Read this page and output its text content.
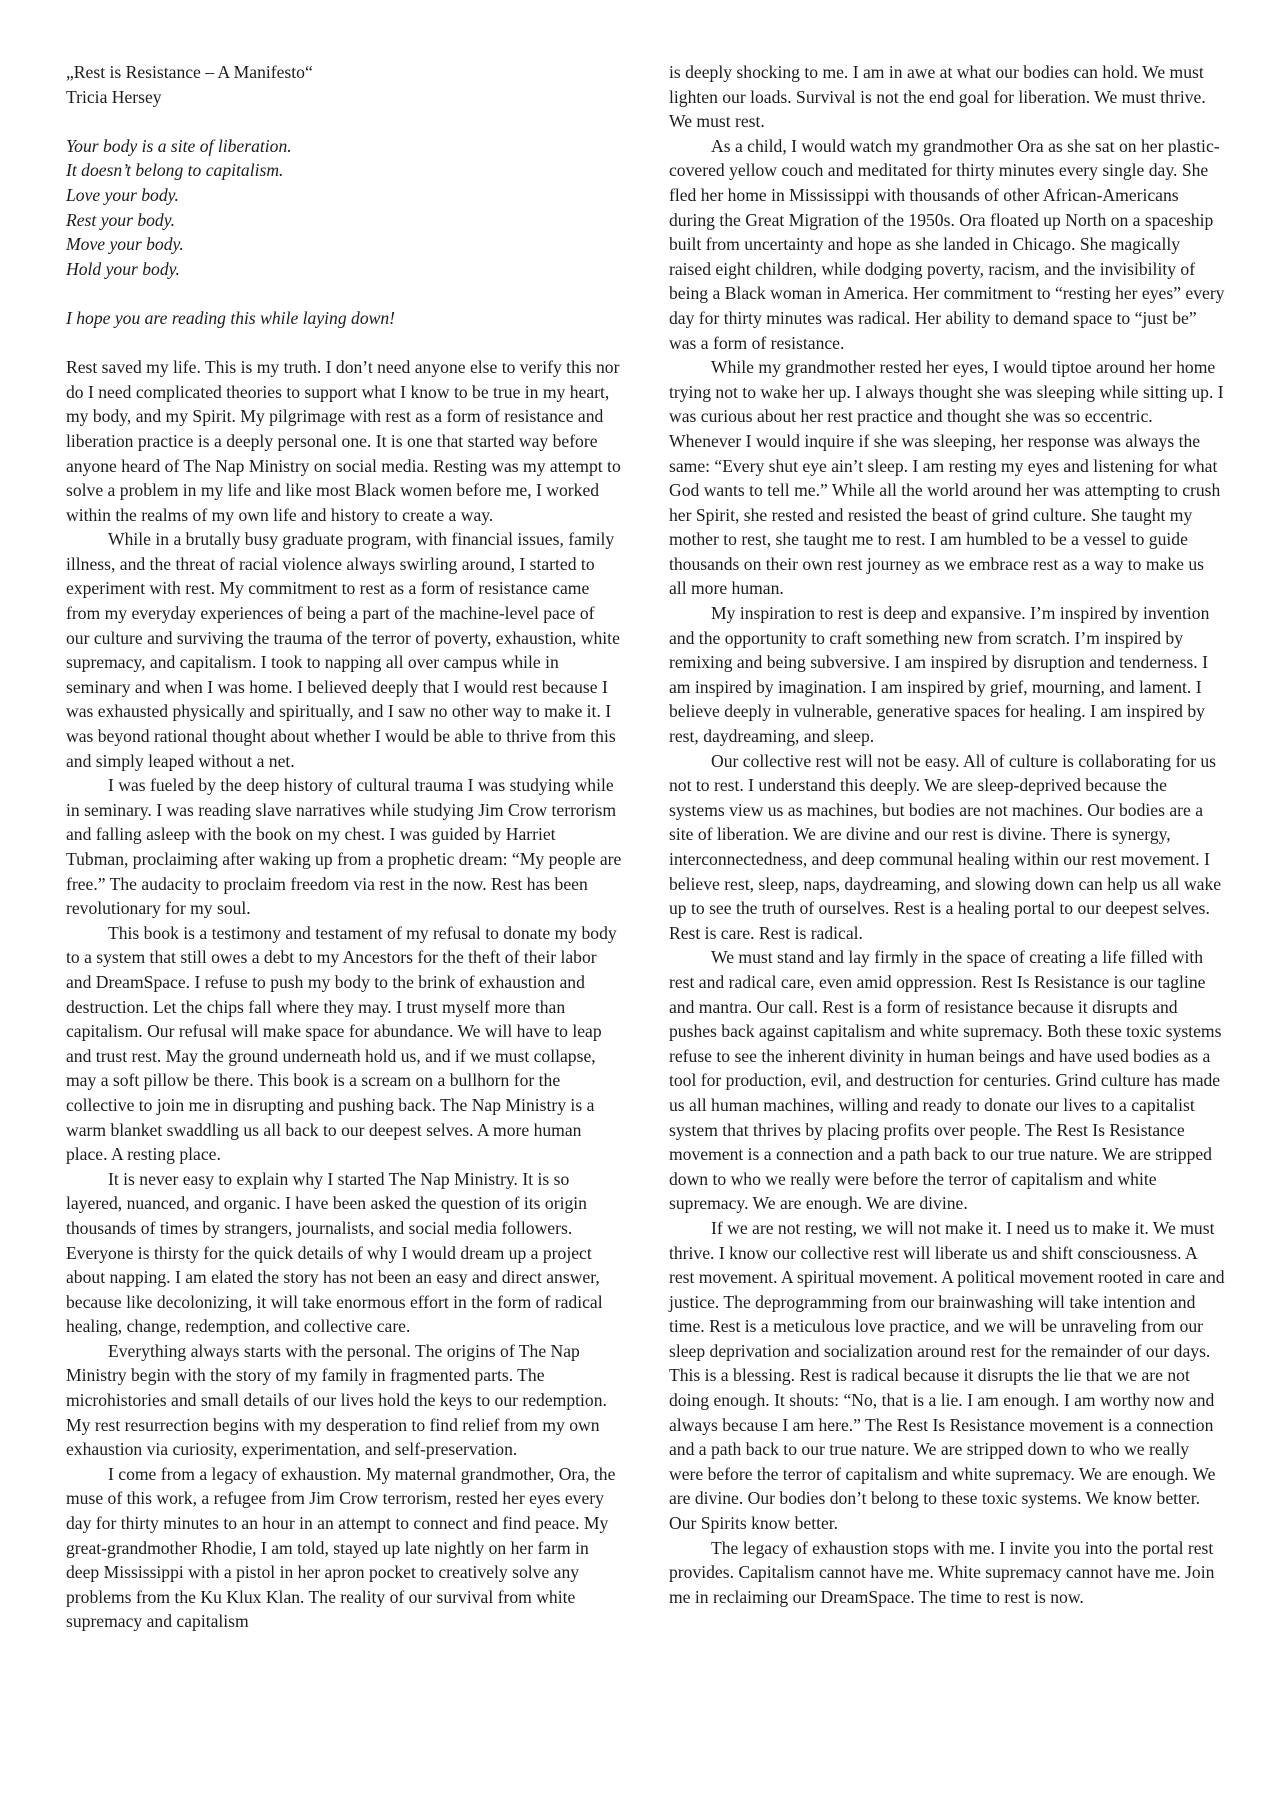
„Rest is Resistance – A Manifesto“
Tricia Hersey
Your body is a site of liberation.
It doesn’t belong to capitalism.
Love your body.
Rest your body.
Move your body.
Hold your body.
I hope you are reading this while laying down!

Rest saved my life. This is my truth. I don’t need anyone else to verify this nor do I need complicated theories to support what I know to be true in my heart, my body, and my Spirit. My pilgrimage with rest as a form of resistance and liberation practice is a deeply personal one. It is one that started way before anyone heard of The Nap Ministry on social media. Resting was my attempt to solve a problem in my life and like most Black women before me, I worked within the realms of my own life and history to create a way.

While in a brutally busy graduate program, with financial issues, family illness, and the threat of racial violence always swirling around, I started to experiment with rest. My commitment to rest as a form of resistance came from my everyday experiences of being a part of the machine-level pace of our culture and surviving the trauma of the terror of poverty, exhaustion, white supremacy, and capitalism. I took to napping all over campus while in seminary and when I was home. I believed deeply that I would rest because I was exhausted physically and spiritually, and I saw no other way to make it. I was beyond rational thought about whether I would be able to thrive from this and simply leaped without a net.

I was fueled by the deep history of cultural trauma I was studying while in seminary. I was reading slave narratives while studying Jim Crow terrorism and falling asleep with the book on my chest. I was guided by Harriet Tubman, proclaiming after waking up from a prophetic dream: “My people are free.” The audacity to proclaim freedom via rest in the now. Rest has been revolutionary for my soul.

This book is a testimony and testament of my refusal to donate my body to a system that still owes a debt to my Ancestors for the theft of their labor and DreamSpace. I refuse to push my body to the brink of exhaustion and destruction. Let the chips fall where they may. I trust myself more than capitalism. Our refusal will make space for abundance. We will have to leap and trust rest. May the ground underneath hold us, and if we must collapse, may a soft pillow be there. This book is a scream on a bullhorn for the collective to join me in disrupting and pushing back. The Nap Ministry is a warm blanket swaddling us all back to our deepest selves. A more human place. A resting place.

It is never easy to explain why I started The Nap Ministry. It is so layered, nuanced, and organic. I have been asked the question of its origin thousands of times by strangers, journalists, and social media followers. Everyone is thirsty for the quick details of why I would dream up a project about napping. I am elated the story has not been an easy and direct answer, because like decolonizing, it will take enormous effort in the form of radical healing, change, redemption, and collective care.

Everything always starts with the personal. The origins of The Nap Ministry begin with the story of my family in fragmented parts. The microhistories and small details of our lives hold the keys to our redemption. My rest resurrection begins with my desperation to find relief from my own exhaustion via curiosity, experimentation, and self-preservation.

I come from a legacy of exhaustion. My maternal grandmother, Ora, the muse of this work, a refugee from Jim Crow terrorism, rested her eyes every day for thirty minutes to an hour in an attempt to connect and find peace. My great-grandmother Rhodie, I am told, stayed up late nightly on her farm in deep Mississippi with a pistol in her apron pocket to creatively solve any problems from the Ku Klux Klan. The reality of our survival from white supremacy and capitalism

is deeply shocking to me. I am in awe at what our bodies can hold. We must lighten our loads. Survival is not the end goal for liberation. We must thrive. We must rest.

As a child, I would watch my grandmother Ora as she sat on her plastic-covered yellow couch and meditated for thirty minutes every single day. She fled her home in Mississippi with thousands of other African-Americans during the Great Migration of the 1950s. Ora floated up North on a spaceship built from uncertainty and hope as she landed in Chicago. She magically raised eight children, while dodging poverty, racism, and the invisibility of being a Black woman in America. Her commitment to “resting her eyes” every day for thirty minutes was radical. Her ability to demand space to “just be” was a form of resistance.

While my grandmother rested her eyes, I would tiptoe around her home trying not to wake her up. I always thought she was sleeping while sitting up. I was curious about her rest practice and thought she was so eccentric. Whenever I would inquire if she was sleeping, her response was always the same: “Every shut eye ain’t sleep. I am resting my eyes and listening for what God wants to tell me.” While all the world around her was attempting to crush her Spirit, she rested and resisted the beast of grind culture. She taught my mother to rest, she taught me to rest. I am humbled to be a vessel to guide thousands on their own rest journey as we embrace rest as a way to make us all more human.

My inspiration to rest is deep and expansive. I’m inspired by invention and the opportunity to craft something new from scratch. I’m inspired by remixing and being subversive. I am inspired by disruption and tenderness. I am inspired by imagination. I am inspired by grief, mourning, and lament. I believe deeply in vulnerable, generative spaces for healing. I am inspired by rest, daydreaming, and sleep.

Our collective rest will not be easy. All of culture is collaborating for us not to rest. I understand this deeply. We are sleep-deprived because the systems view us as machines, but bodies are not machines. Our bodies are a site of liberation. We are divine and our rest is divine. There is synergy, interconnectedness, and deep communal healing within our rest movement. I believe rest, sleep, naps, daydreaming, and slowing down can help us all wake up to see the truth of ourselves. Rest is a healing portal to our deepest selves. Rest is care. Rest is radical.

We must stand and lay firmly in the space of creating a life filled with rest and radical care, even amid oppression. Rest Is Resistance is our tagline and mantra. Our call. Rest is a form of resistance because it disrupts and pushes back against capitalism and white supremacy. Both these toxic systems refuse to see the inherent divinity in human beings and have used bodies as a tool for production, evil, and destruction for centuries. Grind culture has made us all human machines, willing and ready to donate our lives to a capitalist system that thrives by placing profits over people. The Rest Is Resistance movement is a connection and a path back to our true nature. We are stripped down to who we really were before the terror of capitalism and white supremacy. We are enough. We are divine.

If we are not resting, we will not make it. I need us to make it. We must thrive. I know our collective rest will liberate us and shift consciousness. A rest movement. A spiritual movement. A political movement rooted in care and justice. The deprogramming from our brainwashing will take intention and time. Rest is a meticulous love practice, and we will be unraveling from our sleep deprivation and socialization around rest for the remainder of our days. This is a blessing. Rest is radical because it disrupts the lie that we are not doing enough. It shouts: “No, that is a lie. I am enough. I am worthy now and always because I am here.” The Rest Is Resistance movement is a connection and a path back to our true nature. We are stripped down to who we really were before the terror of capitalism and white supremacy. We are enough. We are divine. Our bodies don’t belong to these toxic systems. We know better. Our Spirits know better.

The legacy of exhaustion stops with me. I invite you into the portal rest provides. Capitalism cannot have me. White supremacy cannot have me. Join me in reclaiming our DreamSpace. The time to rest is now.
